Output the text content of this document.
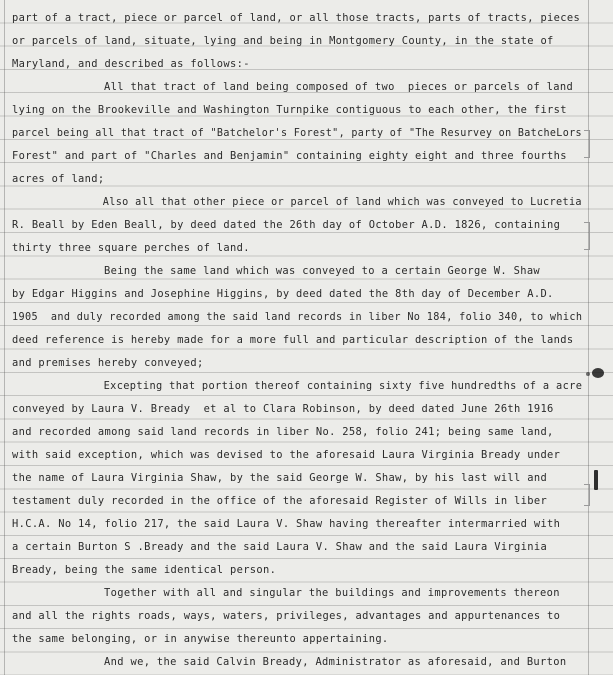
part of a tract, piece or parcel of land, or all those tracts, parts of tracts, pieces
or parcels of land, situate, lying and being in Montgomery County, in the state of
Maryland, and described as follows:-
All that tract of land being composed of two  pieces or parcels of land
lying on the Brookeville and Washington Turnpike contiguous to each other, the first
parcel being all that tract of "Batchelor's Forest", party of "The Resurvey on BatcheLors
Forest" and part of "Charles and Benjamin" containing eighty eight and three fourths
acres of land;
Also all that other piece or parcel of land which was conveyed to Lucretia
R. Beall by Eden Beall, by deed dated the 26th day of October A.D. 1826, containing
thirty three square perches of land.
Being the same land which was conveyed to a certain George W. Shaw
by Edgar Higgins and Josephine Higgins, by deed dated the 8th day of December A.D.
1905  and duly recorded among the said land records in liber No 184, folio 340, to which
deed reference is hereby made for a more full and particular description of the lands
and premises hereby conveyed;
Excepting that portion thereof containing sixty five hundredths of a acre
conveyed by Laura V. Bready  et al to Clara Robinson, by deed dated June 26th 1916
and recorded among said land records in liber No. 258, folio 241; being same land,
with said exception, which was devised to the aforesaid Laura Virginia Bready under
the name of Laura Virginia Shaw, by the said George W. Shaw, by his last will and
testament duly recorded in the office of the aforesaid Register of Wills in liber
H.C.A. No 14, folio 217, the said Laura V. Shaw having thereafter intermarried with
a certain Burton S .Bready and the said Laura V. Shaw and the said Laura Virginia
Bready, being the same identical person.
Together with all and singular the buildings and improvements thereon
and all the rights roads, ways, waters, privileges, advantages and appurtenances to
the same belonging, or in anywise thereunto appertaining.
And we, the said Calvin Bready, Administrator as aforesaid, and Burton
